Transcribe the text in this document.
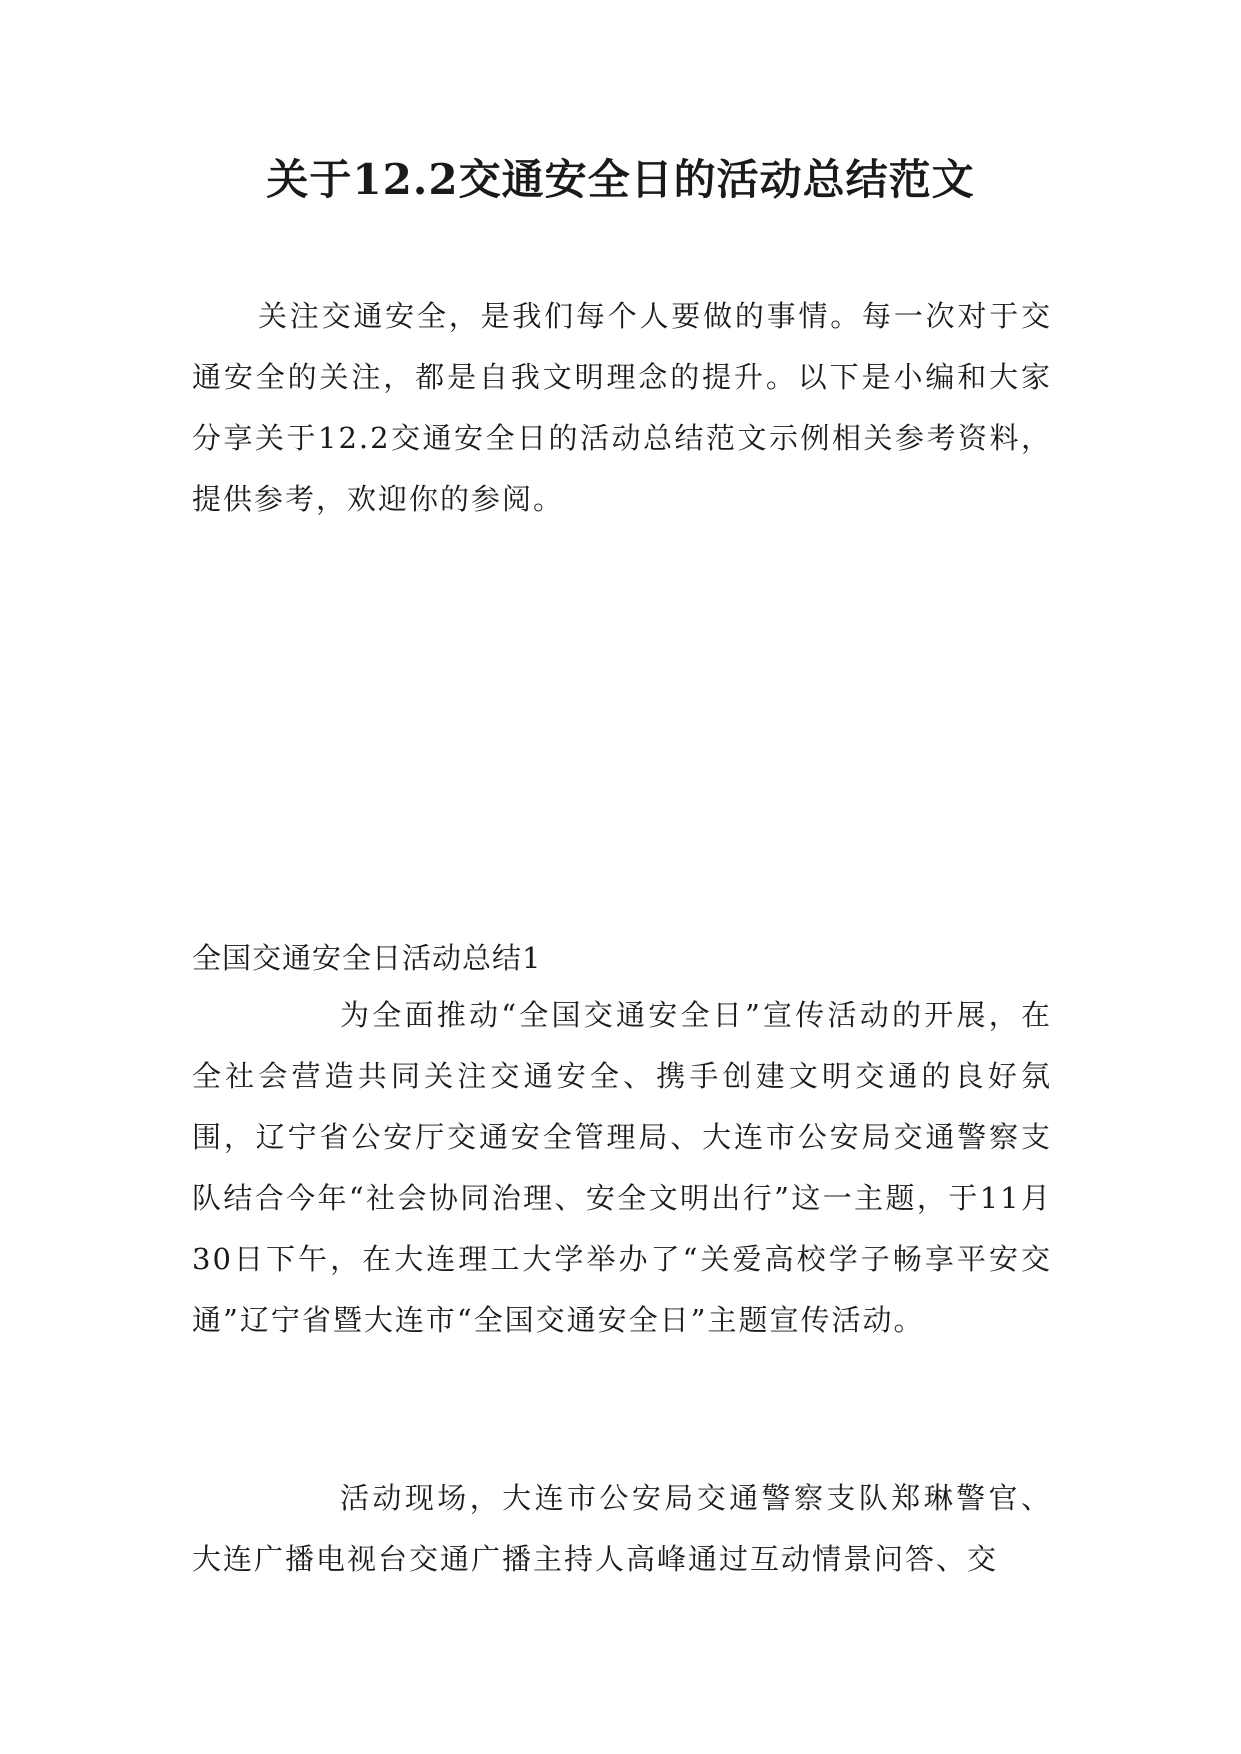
关于12.2交通安全日的活动总结范文

关注交通安全，是我们每个人要做的事情。每一次对于交通安全的关注，都是自我文明理念的提升。以下是小编和大家分享关于12.2交通安全日的活动总结范文示例相关参考资料，提供参考，欢迎你的参阅。

全国交通安全日活动总结1

为全面推动“全国交通安全日”宣传活动的开展，在全社会营造共同关注交通安全、携手创建文明交通的良好氛围，辽宁省公安厅交通安全管理局、大连市公安局交通警察支队结合今年“社会协同治理、安全文明出行”这一主题，于11月30日下午，在大连理工大学举办了“关爱高校学子畅享平安交通”辽宁省暨大连市“全国交通安全日”主题宣传活动。

活动现场，大连市公安局交通警察支队郑琳警官、大连广播电视台交通广播主持人高峰通过互动情景问答、交
